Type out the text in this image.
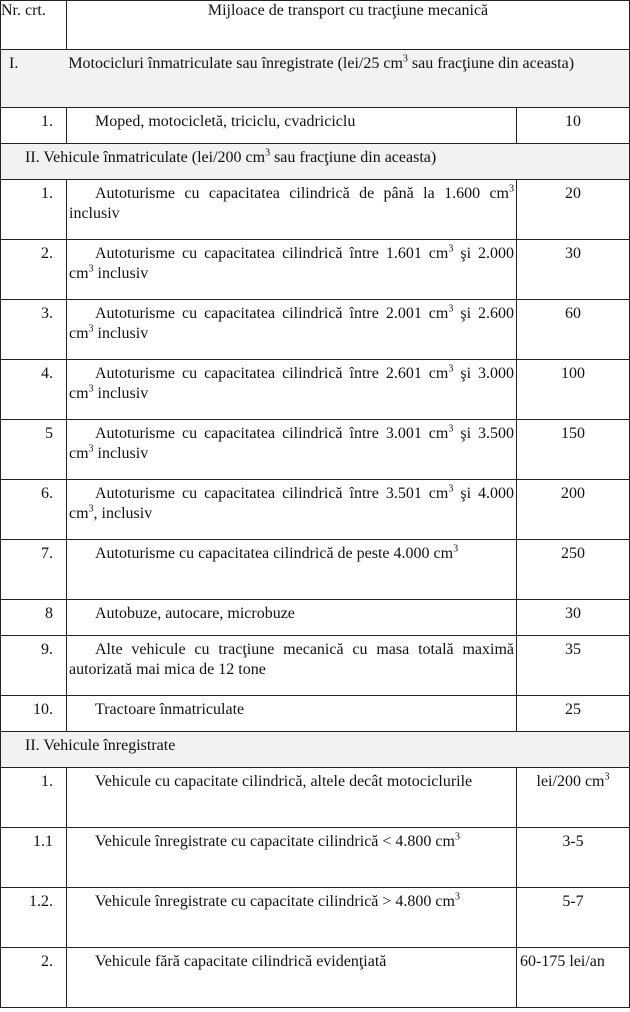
Nr. crt.	Mijloace de transport cu tracţiune mecanică	
I. Motocicluri înmatriculate sau înregistrate (lei/25 $cm^3$ sau fracţiune din aceasta)		
1.	Moped, motocicletă, triciclu, cvadriciclu	10
II. Vehicule înmatriculate (lei/200 $cm^3$ sau fracţiune din aceasta)		
1.	Autoturisme cu capacitatea cilindrică de până la 1.600 $cm^3$ inclusiv	20
2.	Autoturisme cu capacitatea cilindrică între 1.601 $cm^3$ şi 2.000 $cm^3$ inclusiv	30
3.	Autoturisme cu capacitatea cilindrică între 2.001 $cm^3$ şi 2.600 $cm^3$ inclusiv	60
4.	Autoturisme cu capacitatea cilindrică între 2.601 $cm^3$ şi 3.000 $cm^3$ inclusiv	100
5	Autoturisme cu capacitatea cilindrică între 3.001 $cm^3$ şi 3.500 $cm^3$ inclusiv	150
6.	Autoturisme cu capacitatea cilindrică între 3.501 $cm^3$ şi 4.000 $cm^3$, inclusiv	200
7.	Autoturisme cu capacitatea cilindrică de peste 4.000 $cm^3$	250
8	Autobuze, autocare, microbuze	30
9.	Alte vehicule cu tracţiune mecanică cu masa totală maximă autorizată mai mica de 12 tone	35
10.	Tractoare înmatriculate	25
II. Vehicule înregistrate		
1.	Vehicule cu capacitate cilindrică, altele decât motociclurile	lei/200 $cm^3$
1.1	Vehicule înregistrate cu capacitate cilindrică < 4.800 $cm^3$	3-5
1.2.	Vehicule înregistrate cu capacitate cilindrică > 4.800 $cm^3$	5-7
2.	Vehicule fără capacitate cilindrică evidenţiată	60-175 lei/an
